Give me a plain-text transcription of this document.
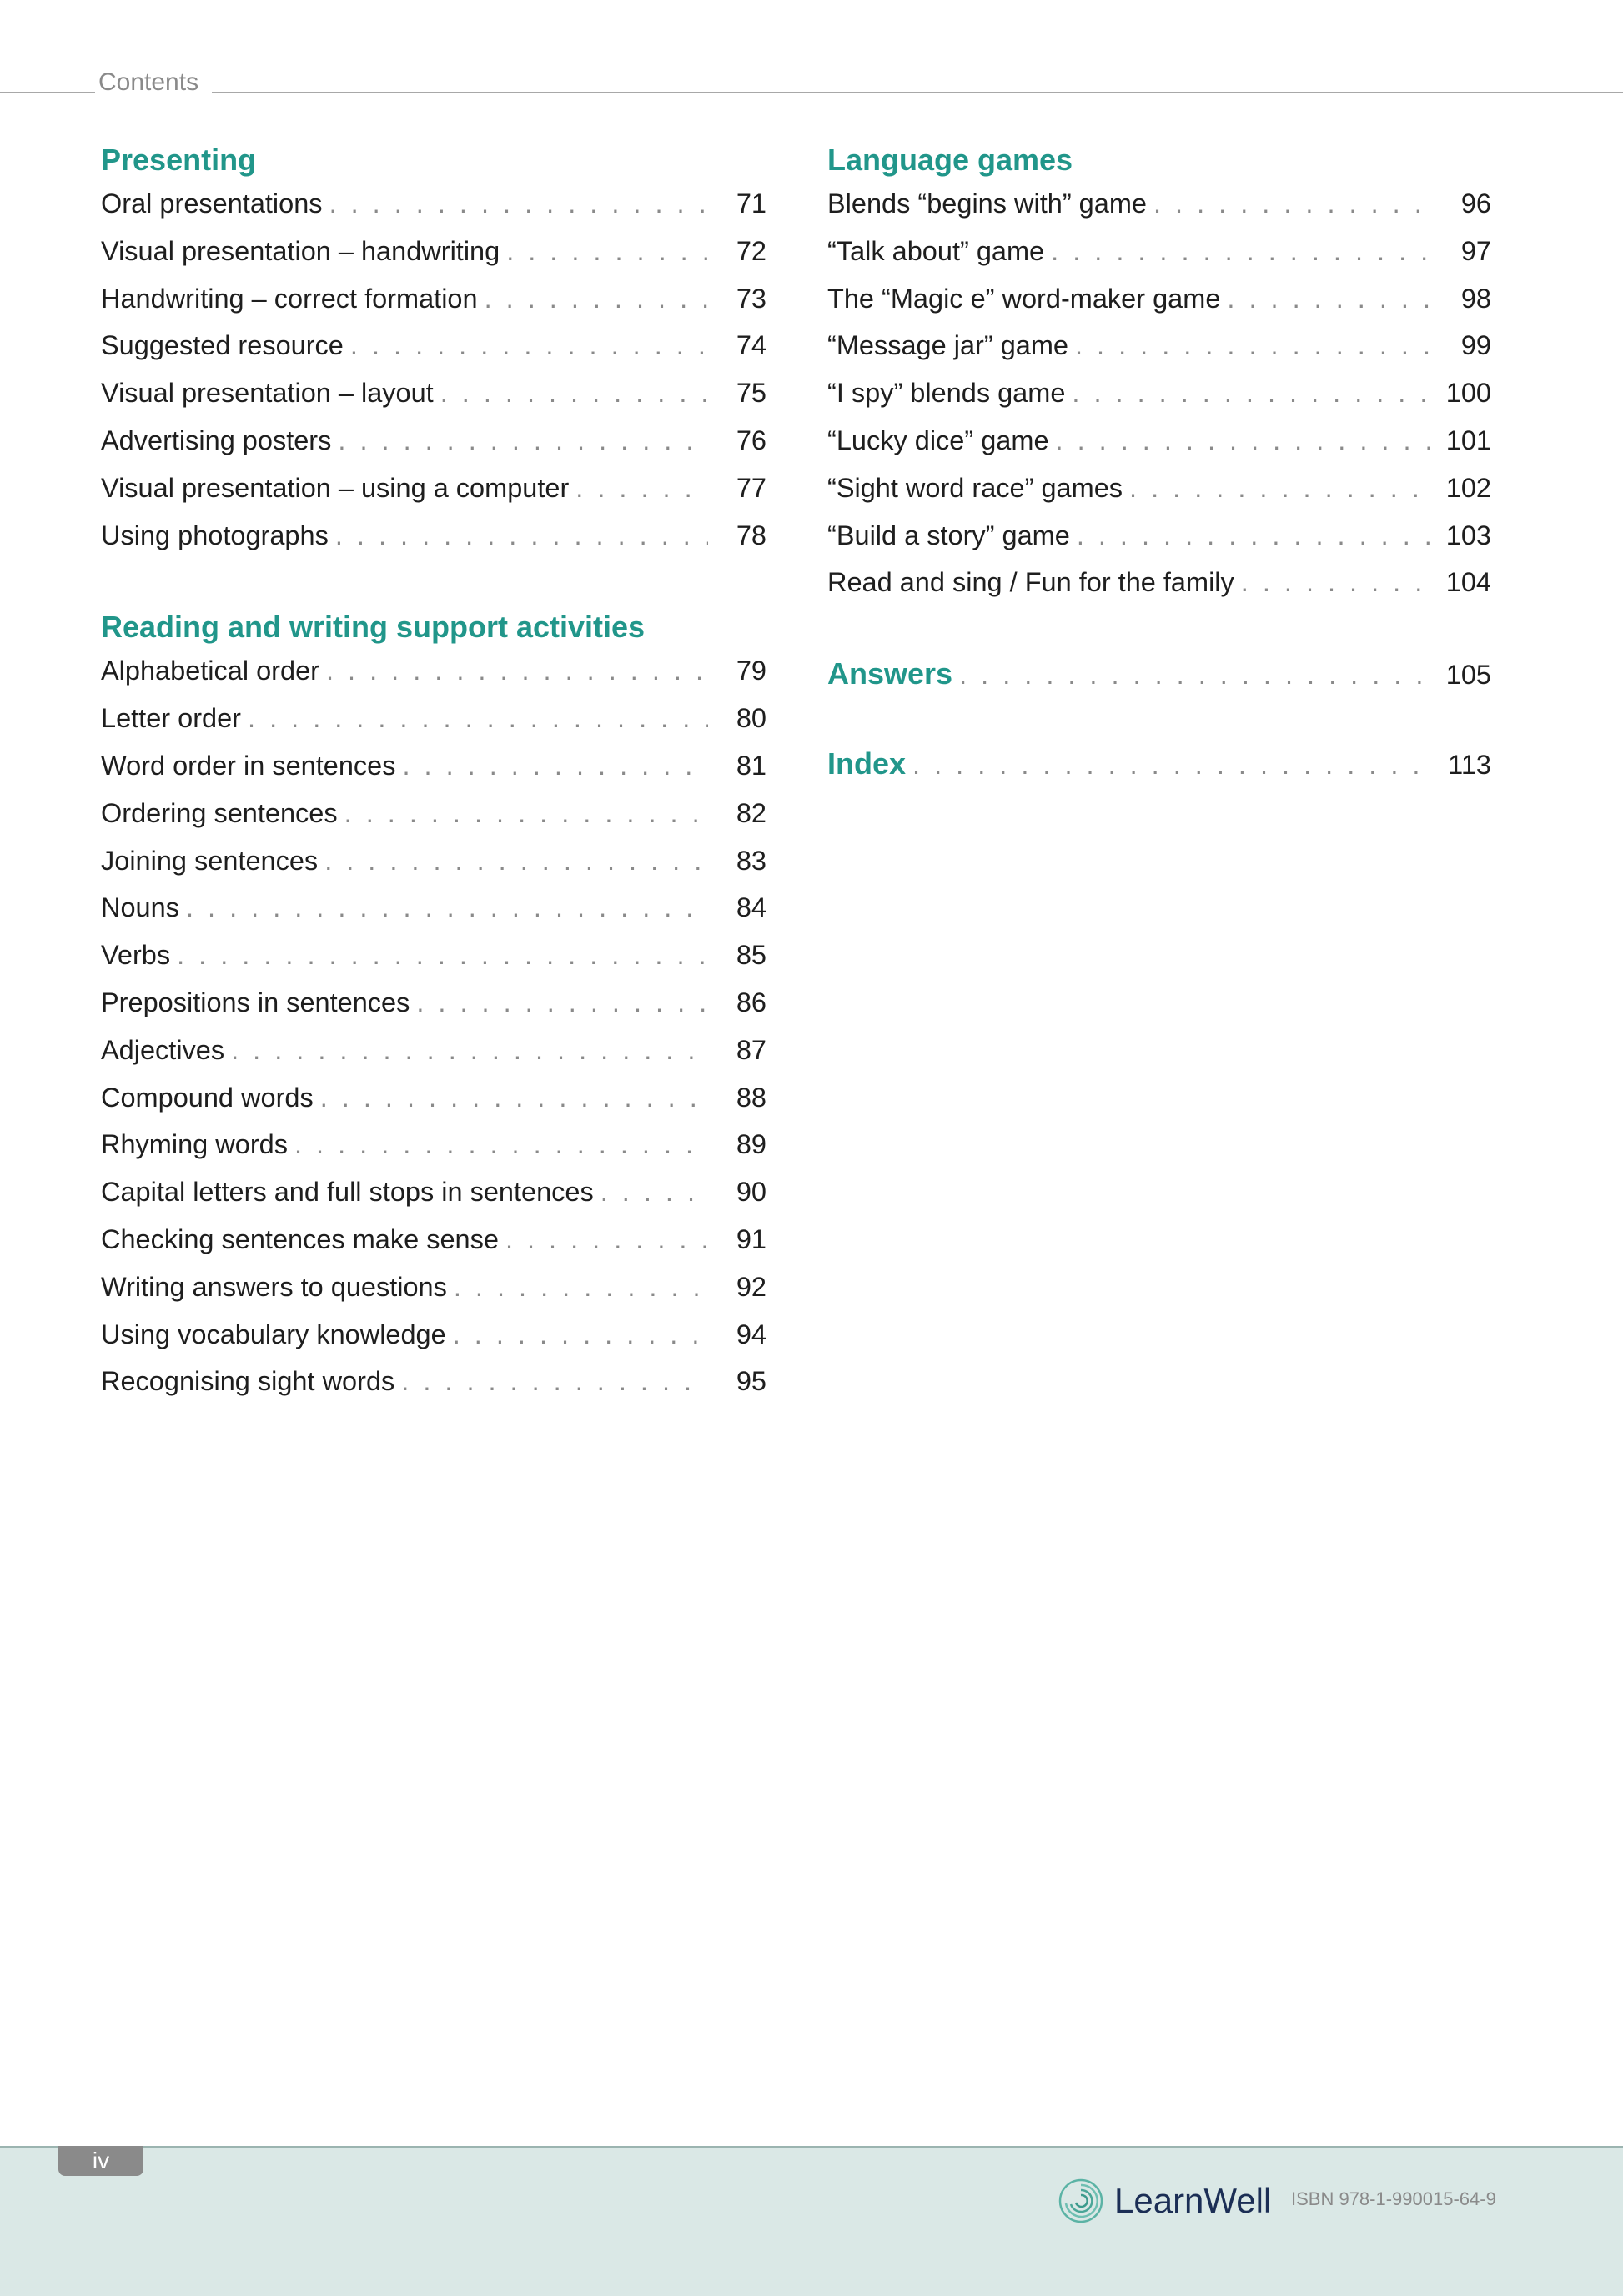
Contents
Presenting
Oral presentations . . .	71
Visual presentation – handwriting . . .	72
Handwriting – correct formation . . .	73
Suggested resource . . .	74
Visual presentation – layout . . .	75
Advertising posters . . .	76
Visual presentation – using a computer . . .	77
Using photographs . . .	78
Reading and writing support activities
Alphabetical order . . .	79
Letter order . . .	80
Word order in sentences . . .	81
Ordering sentences . . .	82
Joining sentences . . .	83
Nouns . . .	84
Verbs . . .	85
Prepositions in sentences . . .	86
Adjectives . . .	87
Compound words . . .	88
Rhyming words . . .	89
Capital letters and full stops in sentences . . .	90
Checking sentences make sense . . .	91
Writing answers to questions . . .	92
Using vocabulary knowledge . . .	94
Recognising sight words . . .	95
Language games
Blends “begins with” game . . .	96
“Talk about” game . . .	97
The “Magic e” word-maker game . . .	98
“Message jar” game . . .	99
“I spy” blends game . . .	100
“Lucky dice” game . . .	101
“Sight word race” games . . .	102
“Build a story” game . . .	103
Read and sing / Fun for the family . . .	104
Answers . . .	105
Index . . .	113
iv
LearnWell ISBN 978-1-990015-64-9
